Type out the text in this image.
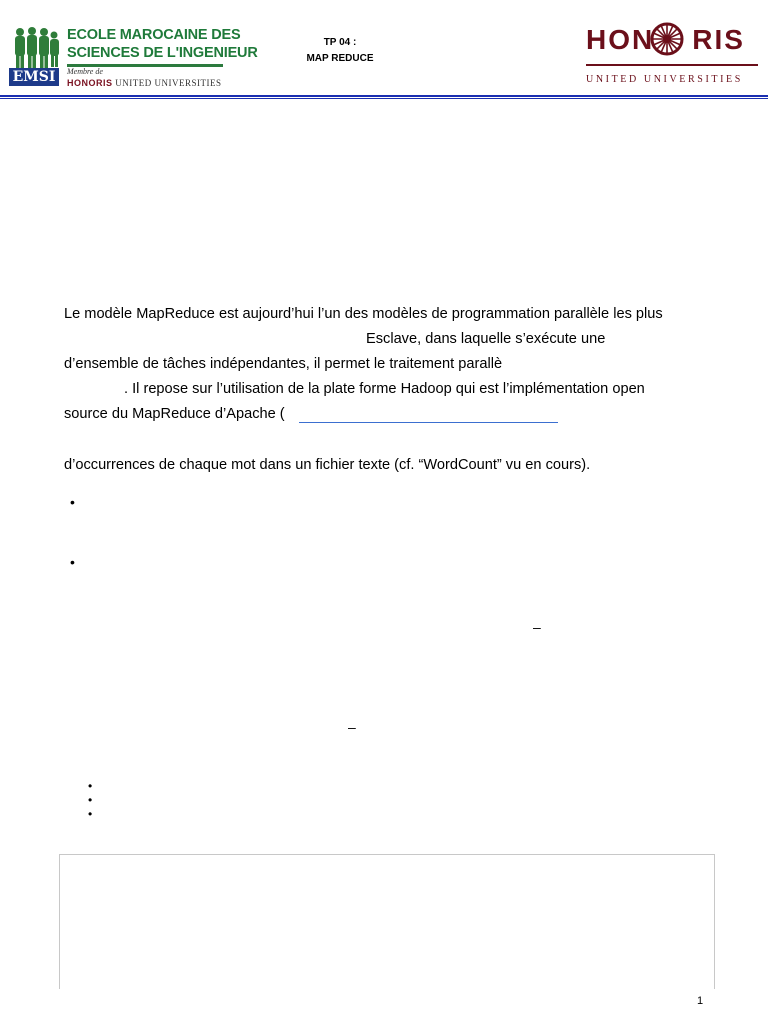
EMSI
ECOLE MAROCAINE DES
SCIENCES DE L'INGENIEUR
Membre de
HONORIS UNITED UNIVERSITIES
TP 04 :
MAP REDUCE
HON RIS
UNITED UNIVERSITIES
Le modèle MapReduce est aujourd’hui l’un des modèles de programmation parallèle les plus
Esclave, dans laquelle s’exécute une
d’ensemble de tâches indépendantes, il permet le traitement parallè
. Il repose sur l’utilisation de la plate forme Hadoop qui est l’implémentation open
source du MapReduce d’Apache (
d’occurrences de chaque mot dans un fichier texte (cf. “WordCount” vu en cours).
•
•
–
–
•
•
•
1
